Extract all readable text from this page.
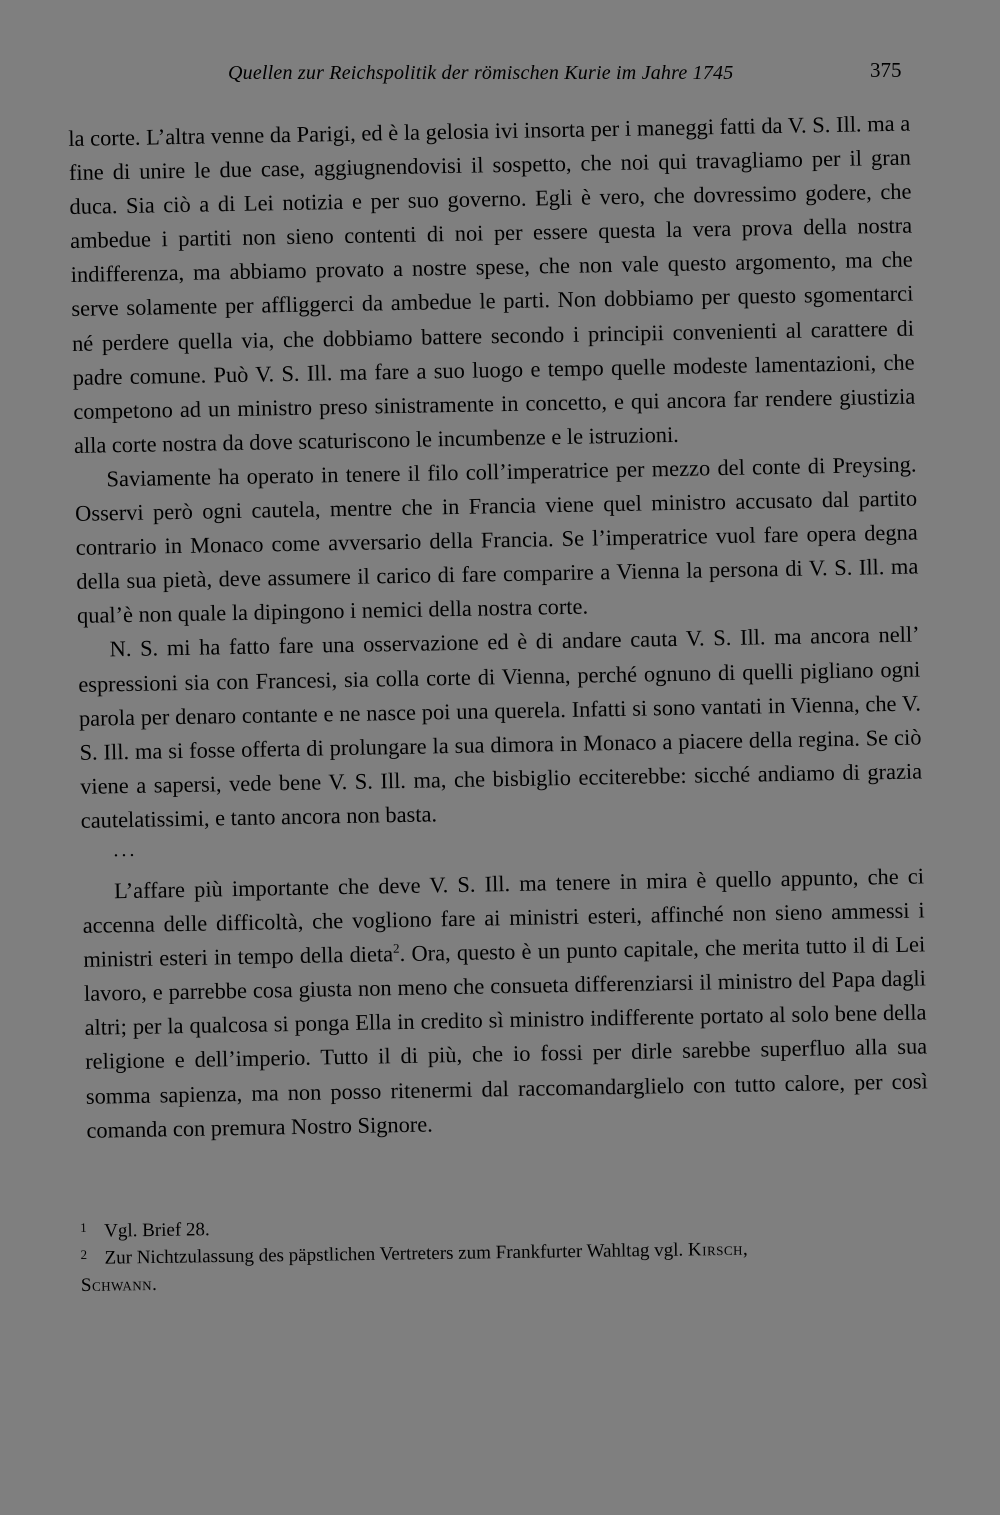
Quellen zur Reichspolitik der römischen Kurie im Jahre 1745	375

la corte. L’altra venne da Parigi, ed è la gelosia ivi insorta per i maneggi fatti da V. S. Ill. ma a fine di unire le due case, aggiugnendovisi il sospetto, che noi qui travagliamo per il gran duca. Sia ciò a di Lei notizia e per suo governo. Egli è vero, che dovressimo godere, che ambedue i partiti non sieno contenti di noi per essere questa la vera prova della nostra indifferenza, ma abbiamo provato a nostre spese, che non vale questo argomento, ma che serve solamente per affliggerci da ambedue le parti. Non dobbiamo per questo sgomentarci né perdere quella via, che dobbiamo battere secondo i principii convenienti al carattere di padre comune. Può V. S. Ill. ma fare a suo luogo e tempo quelle modeste lamentazioni, che competono ad un ministro preso sinistramente in concetto, e qui ancora far rendere giustizia alla corte nostra da dove scaturiscono le incumbenze e le istruzioni.

Saviamente ha operato in tenere il filo coll’imperatrice per mezzo del conte di Preysing. Osservi però ogni cautela, mentre che in Francia viene quel ministro accusato dal partito contrario in Monaco come avversario della Francia. Se l’imperatrice vuol fare opera degna della sua pietà, deve assumere il carico di fare comparire a Vienna la persona di V. S. Ill. ma qual’è non quale la dipingono i nemici della nostra corte.

N. S. mi ha fatto fare una osservazione ed è di andare cauta V. S. Ill. ma ancora nell’ espressioni sia con Francesi, sia colla corte di Vienna, perché ognuno di quelli pigliano ogni parola per denaro contante e ne nasce poi una querela. Infatti si sono vantati in Vienna, che V. S. Ill. ma si fosse offerta di prolungare la sua dimora in Monaco a piacere della regina. Se ciò viene a sapersi, vede bene V. S. Ill. ma, che bisbiglio ecciterebbe: sicché andiamo di grazia cautelatissimi, e tanto ancora non basta.

...

L’affare più importante che deve V. S. Ill. ma tenere in mira è quello appunto, che ci accenna delle difficoltà, che vogliono fare ai ministri esteri, affinché non sieno ammessi i ministri esteri in tempo della dieta$^2$. Ora, questo è un punto capitale, che merita tutto il di Lei lavoro, e parrebbe cosa giusta non meno che consueta differenziarsi il ministro del Papa dagli altri; per la qualcosa si ponga Ella in credito sì ministro indifferente portato al solo bene della religione e dell’imperio. Tutto il di più, che io fossi per dirle sarebbe superfluo alla sua somma sapienza, ma non posso ritenermi dal raccomandarglielo con tutto calore, per così comanda con premura Nostro Signore.

1 Vgl. Brief 28.

2 Zur Nichtzulassung des päpstlichen Vertreters zum Frankfurter Wahltag vgl. Kirsch,

Schwann.
